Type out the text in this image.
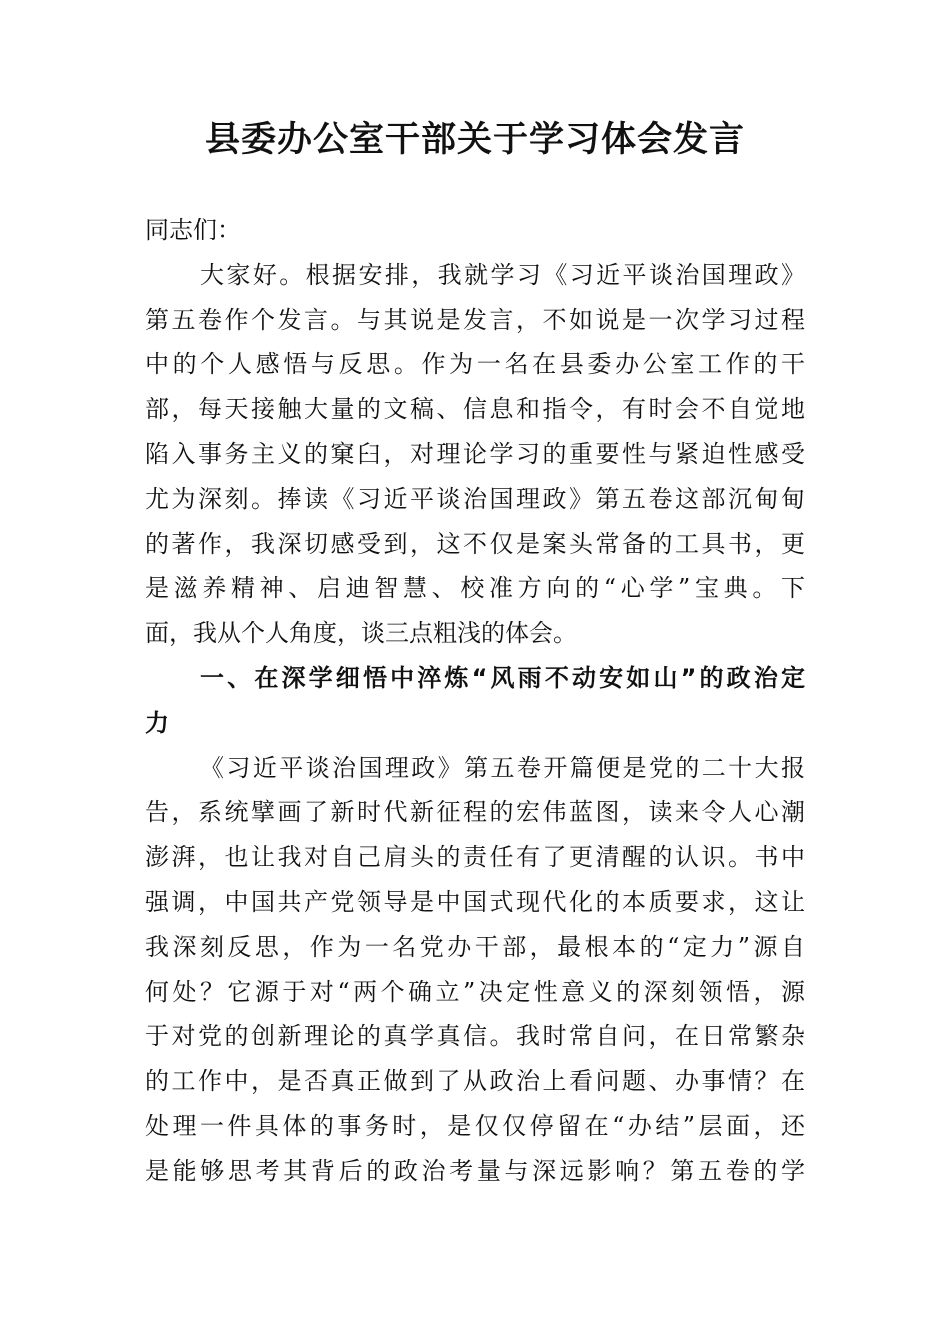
县委办公室干部关于学习体会发言
同志们：
大家好。根据安排，我就学习《习近平谈治国理政》
第五卷作个发言。与其说是发言，不如说是一次学习过程
中的个人感悟与反思。作为一名在县委办公室工作的干
部，每天接触大量的文稿、信息和指令，有时会不自觉地
陷入事务主义的窠臼，对理论学习的重要性与紧迫性感受
尤为深刻。捧读《习近平谈治国理政》第五卷这部沉甸甸
的著作，我深切感受到，这不仅是案头常备的工具书，更
是滋养精神、启迪智慧、校准方向的“心学”宝典。下
面，我从个人角度，谈三点粗浅的体会。
一、在深学细悟中淬炼“风雨不动安如山”的政治定
力
《习近平谈治国理政》第五卷开篇便是党的二十大报
告，系统擘画了新时代新征程的宏伟蓝图，读来令人心潮
澎湃，也让我对自己肩头的责任有了更清醒的认识。书中
强调，中国共产党领导是中国式现代化的本质要求，这让
我深刻反思，作为一名党办干部，最根本的“定力”源自
何处？它源于对“两个确立”决定性意义的深刻领悟，源
于对党的创新理论的真学真信。我时常自问，在日常繁杂
的工作中，是否真正做到了从政治上看问题、办事情？在
处理一件具体的事务时，是仅仅停留在“办结”层面，还
是能够思考其背后的政治考量与深远影响？第五卷的学
